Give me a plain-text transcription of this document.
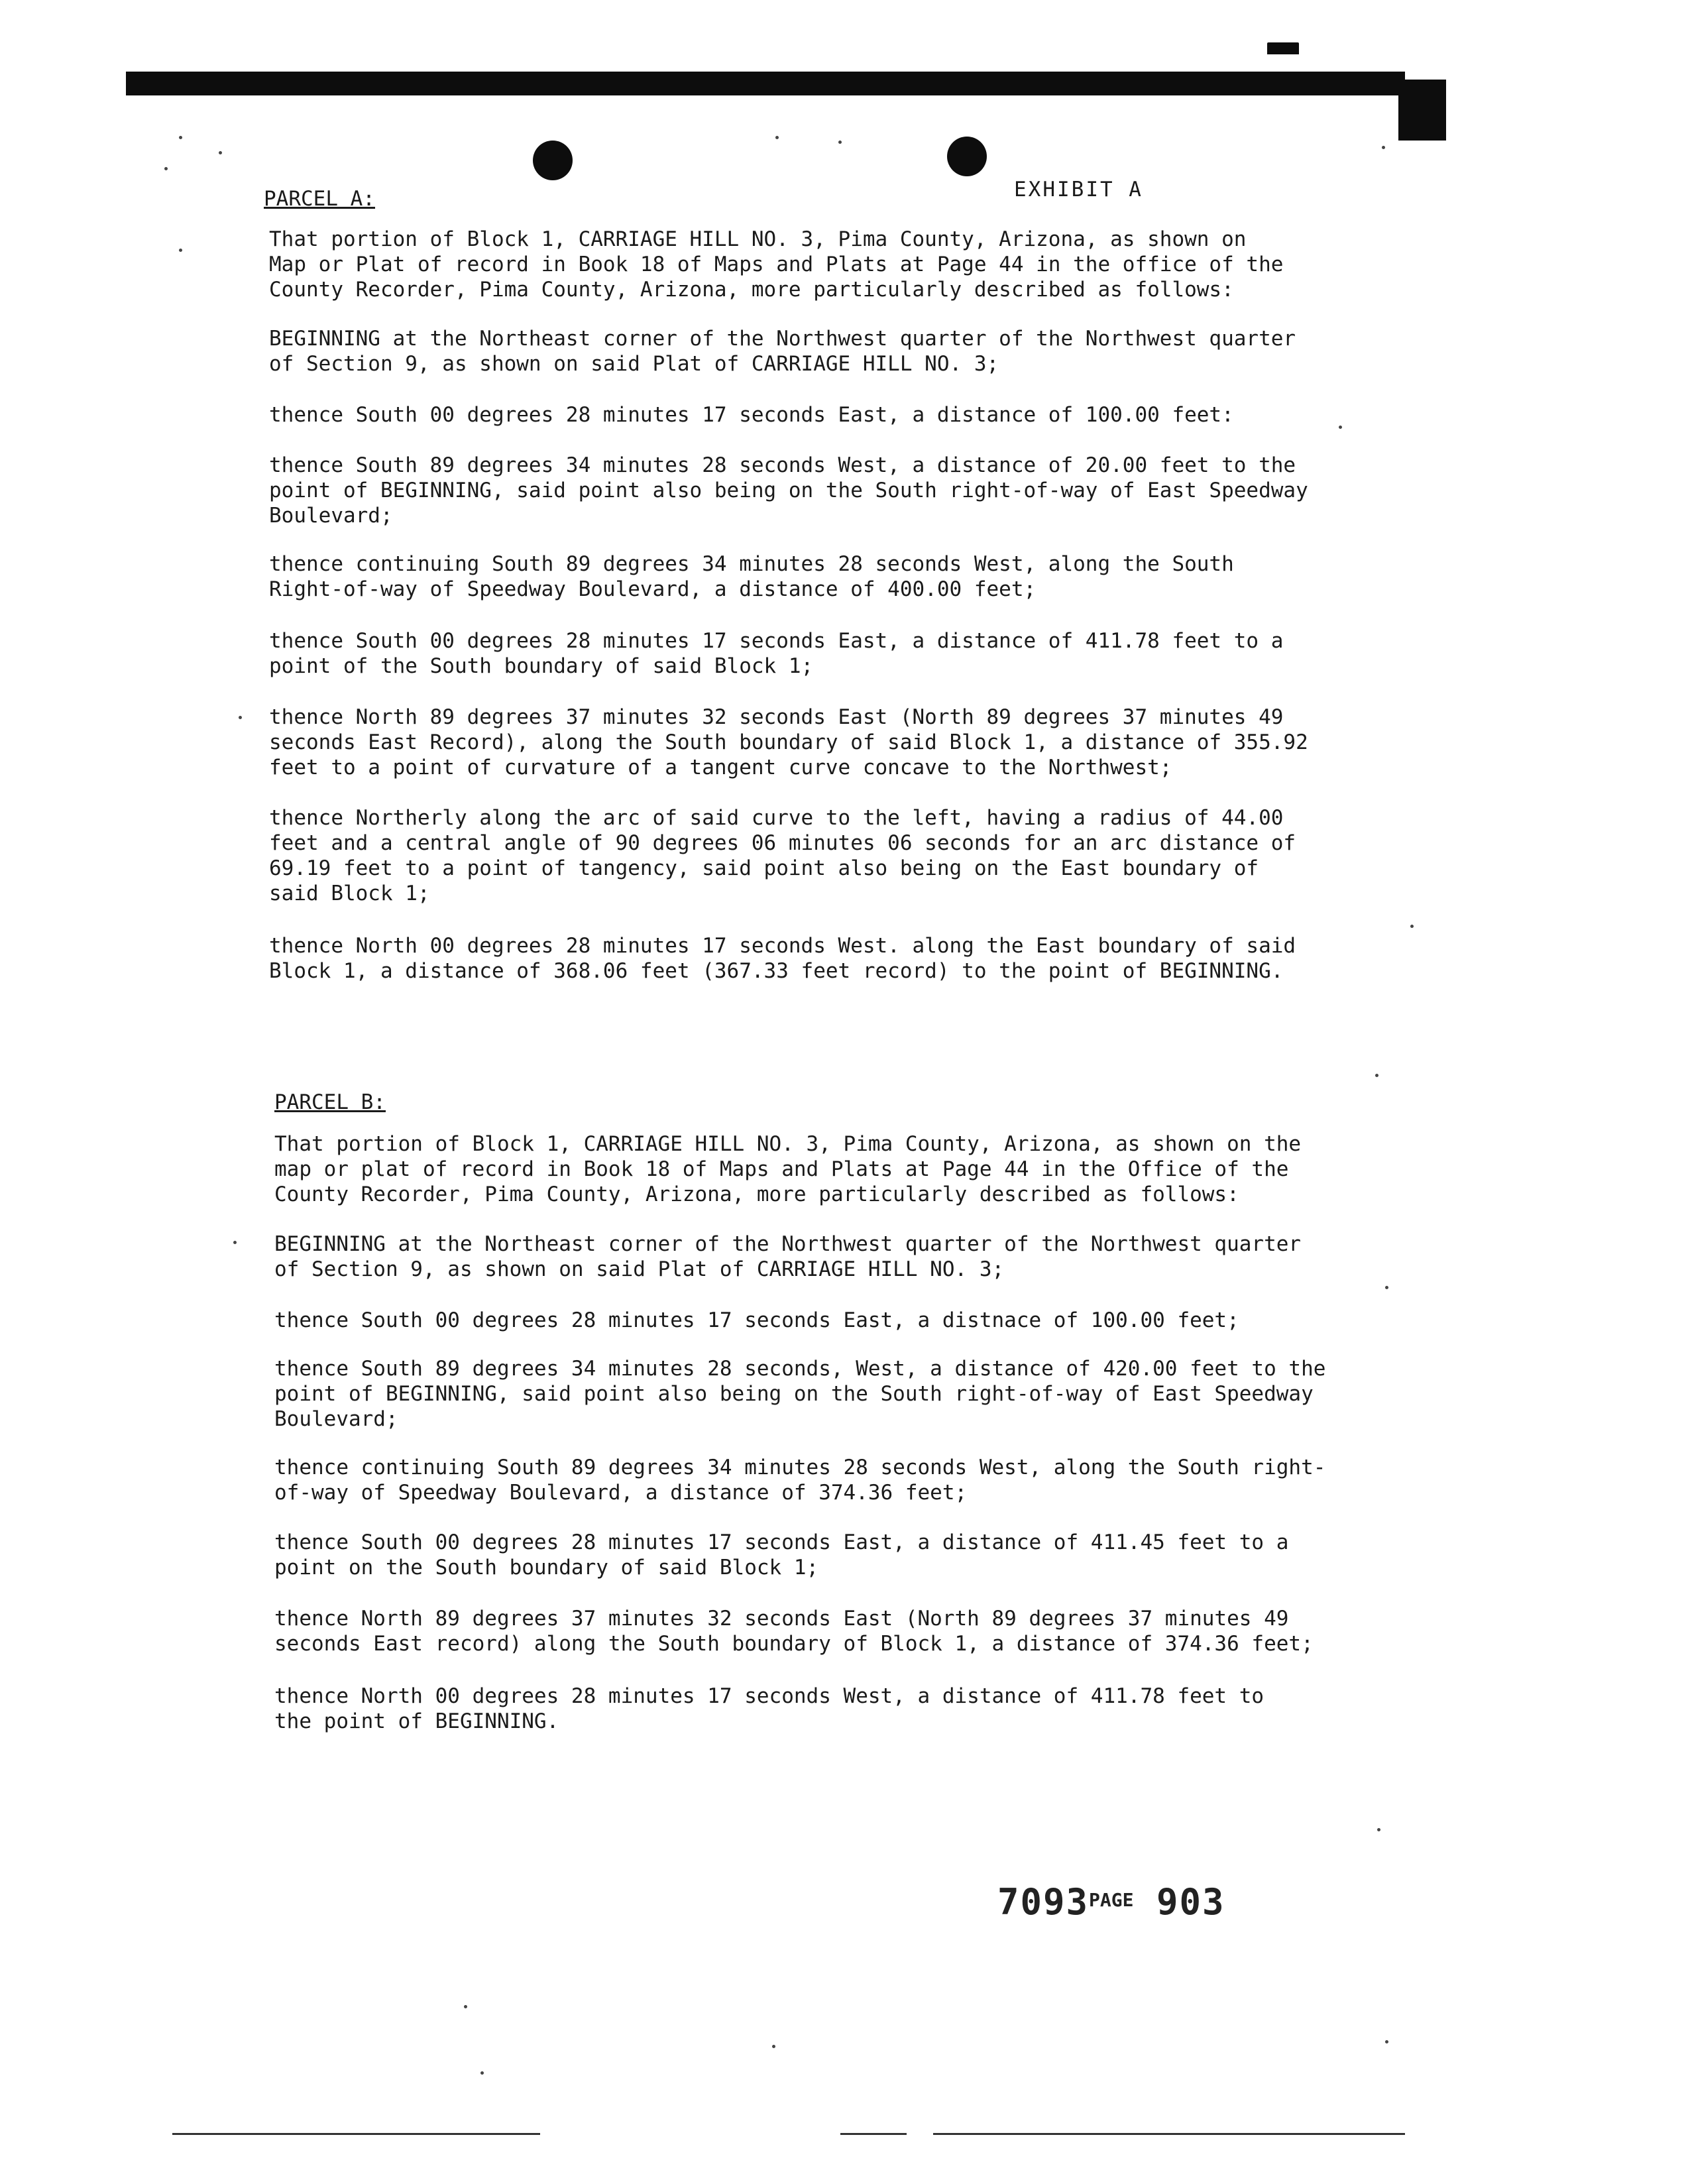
EXHIBIT A
PARCEL A:
That portion of Block 1, CARRIAGE HILL NO. 3, Pima County, Arizona, as shown on
Map or Plat of record in Book 18 of Maps and Plats at Page 44 in the office of the
County Recorder, Pima County, Arizona, more particularly described as follows:
BEGINNING at the Northeast corner of the Northwest quarter of the Northwest quarter
of Section 9, as shown on said Plat of CARRIAGE HILL NO. 3;
thence South 00 degrees 28 minutes 17 seconds East, a distance of 100.00 feet:
thence South 89 degrees 34 minutes 28 seconds West, a distance of 20.00 feet to the
point of BEGINNING, said point also being on the South right-of-way of East Speedway
Boulevard;
thence continuing South 89 degrees 34 minutes 28 seconds West, along the South
Right-of-way of Speedway Boulevard, a distance of 400.00 feet;
thence South 00 degrees 28 minutes 17 seconds East, a distance of 411.78 feet to a
point of the South boundary of said Block 1;
thence North 89 degrees 37 minutes 32 seconds East (North 89 degrees 37 minutes 49
seconds East Record), along the South boundary of said Block 1, a distance of 355.92
feet to a point of curvature of a tangent curve concave to the Northwest;
thence Northerly along the arc of said curve to the left, having a radius of 44.00
feet and a central angle of 90 degrees 06 minutes 06 seconds for an arc distance of
69.19 feet to a point of tangency, said point also being on the East boundary of
said Block 1;
thence North 00 degrees 28 minutes 17 seconds West. along the East boundary of said
Block 1, a distance of 368.06 feet (367.33 feet record) to the point of BEGINNING.
PARCEL B:
That portion of Block 1, CARRIAGE HILL NO. 3, Pima County, Arizona, as shown on the
map or plat of record in Book 18 of Maps and Plats at Page 44 in the Office of the
County Recorder, Pima County, Arizona, more particularly described as follows:
BEGINNING at the Northeast corner of the Northwest quarter of the Northwest quarter
of Section 9, as shown on said Plat of CARRIAGE HILL NO. 3;
thence South 00 degrees 28 minutes 17 seconds East, a distnace of 100.00 feet;
thence South 89 degrees 34 minutes 28 seconds, West, a distance of 420.00 feet to the
point of BEGINNING, said point also being on the South right-of-way of East Speedway
Boulevard;
thence continuing South 89 degrees 34 minutes 28 seconds West, along the South right-
of-way of Speedway Boulevard, a distance of 374.36 feet;
thence South 00 degrees 28 minutes 17 seconds East, a distance of 411.45 feet to a
point on the South boundary of said Block 1;
thence North 89 degrees 37 minutes 32 seconds East (North 89 degrees 37 minutes 49
seconds East record) along the South boundary of Block 1, a distance of 374.36 feet;
thence North 00 degrees 28 minutes 17 seconds West, a distance of 411.78 feet to
the point of BEGINNING.
$7093^{PAGE}$ 903
